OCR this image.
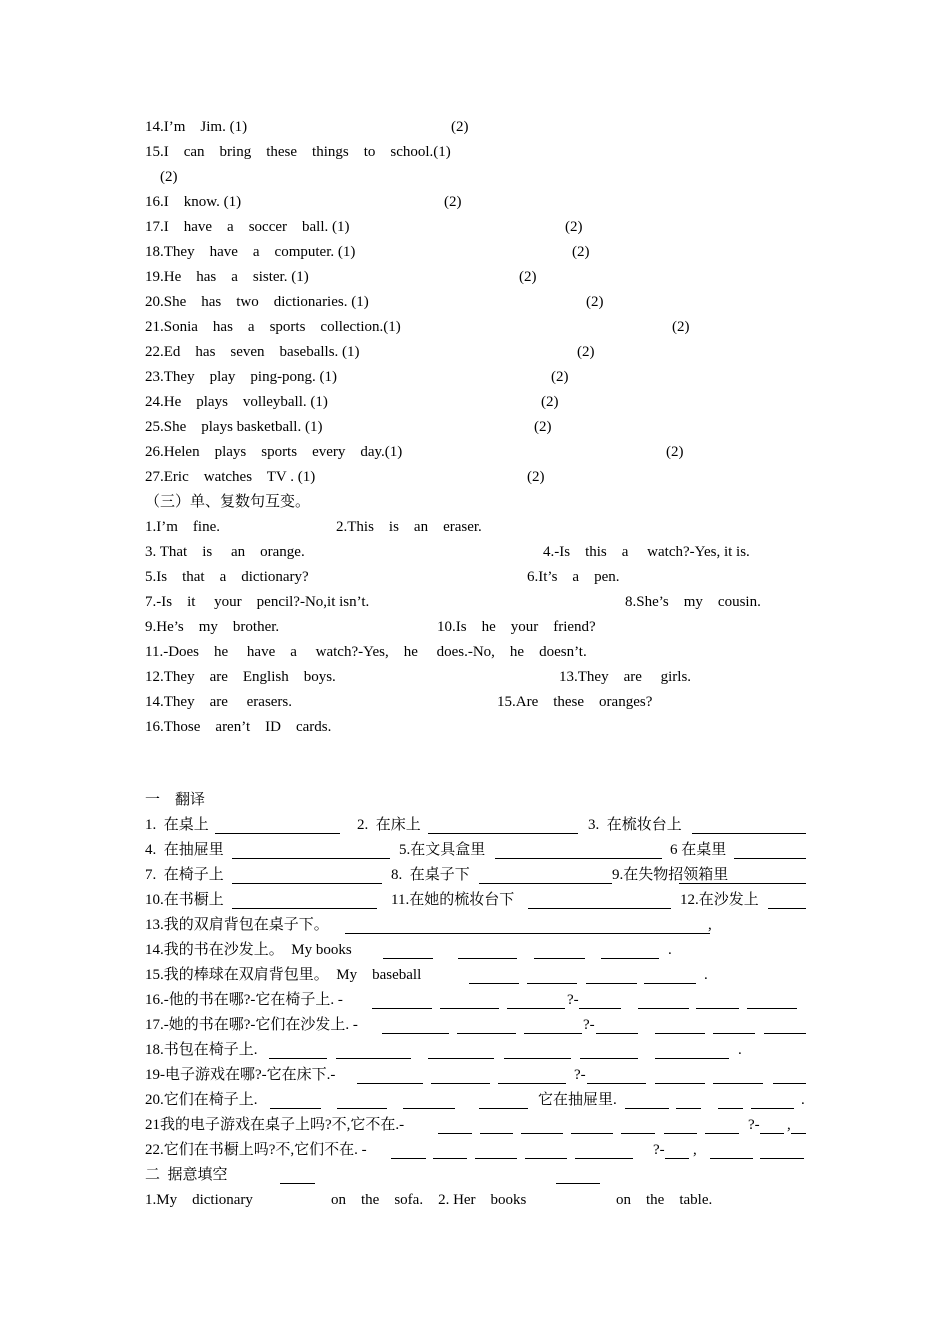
14.I’m    Jim. (1)	(2)
15.I    can    bring    these    things    to    school.(1)
(2)
16.I    know. (1)	(2)
17.I    have    a    soccer    ball. (1)	(2)
18.They    have    a    computer. (1)	(2)
19.He    has    a    sister. (1)	(2)
20.She    has    two    dictionaries. (1)	(2)
21.Sonia    has    a    sports    collection.(1)	(2)
22.Ed    has    seven    baseballs. (1)	(2)
23.They    play    ping-pong. (1)	(2)
24.He    plays    volleyball. (1)	(2)
25.She    plays basketball. (1)	(2)
26.Helen    plays    sports    every    day.(1)	(2)
27.Eric    watches    TV . (1)	(2)
（三）单、复数句互变。
1.I’m    fine.	2.This    is    an    eraser.
3. That    is     an    orange.	4.-Is    this    a     watch?-Yes, it is.
5.Is    that    a    dictionary?	6.It’s    a    pen.
7.-Is    it     your    pencil?-No,it isn’t.	8.She’s    my    cousin.
9.He’s    my    brother.	10.Is    he    your    friend?
11.-Does    he     have    a     watch?-Yes,    he     does.-No,    he    doesn’t.
12.They    are    English    boys.	13.They    are     girls.
14.They    are     erasers.	15.Are    these    oranges?
16.Those    aren’t    ID    cards.
一    翻译
1.  在桌上	2.  在床上	3.  在梳妆台上
4.  在抽屉里	5.在文具盒里	6 在桌里
7.  在椅子上	8.  在桌子下	9.在失物招领箱里
10.在书橱上	11.在她的梳妆台下	12.在沙发上
13.我的双肩背包在桌子下。	,
14.我的书在沙发上。  My books	.
15.我的棒球在双肩背包里。  My    baseball	.
16.-他的书在哪?-它在椅子上. -	?-
17.-她的书在哪?-它们在沙发上. -	?-
18.书包在椅子上.	.
19-电子游戏在哪?-它在床下.-	?-
20.它们在椅子上.	它在抽屉里.	.
21我的电子游戏在桌子上吗?不,它不在.-	?- ,
22.它们在书橱上吗?不,它们不在. -	?- ,
二  据意填空
1.My    dictionary	on    the    sofa.    2. Her    books	on    the    table.
